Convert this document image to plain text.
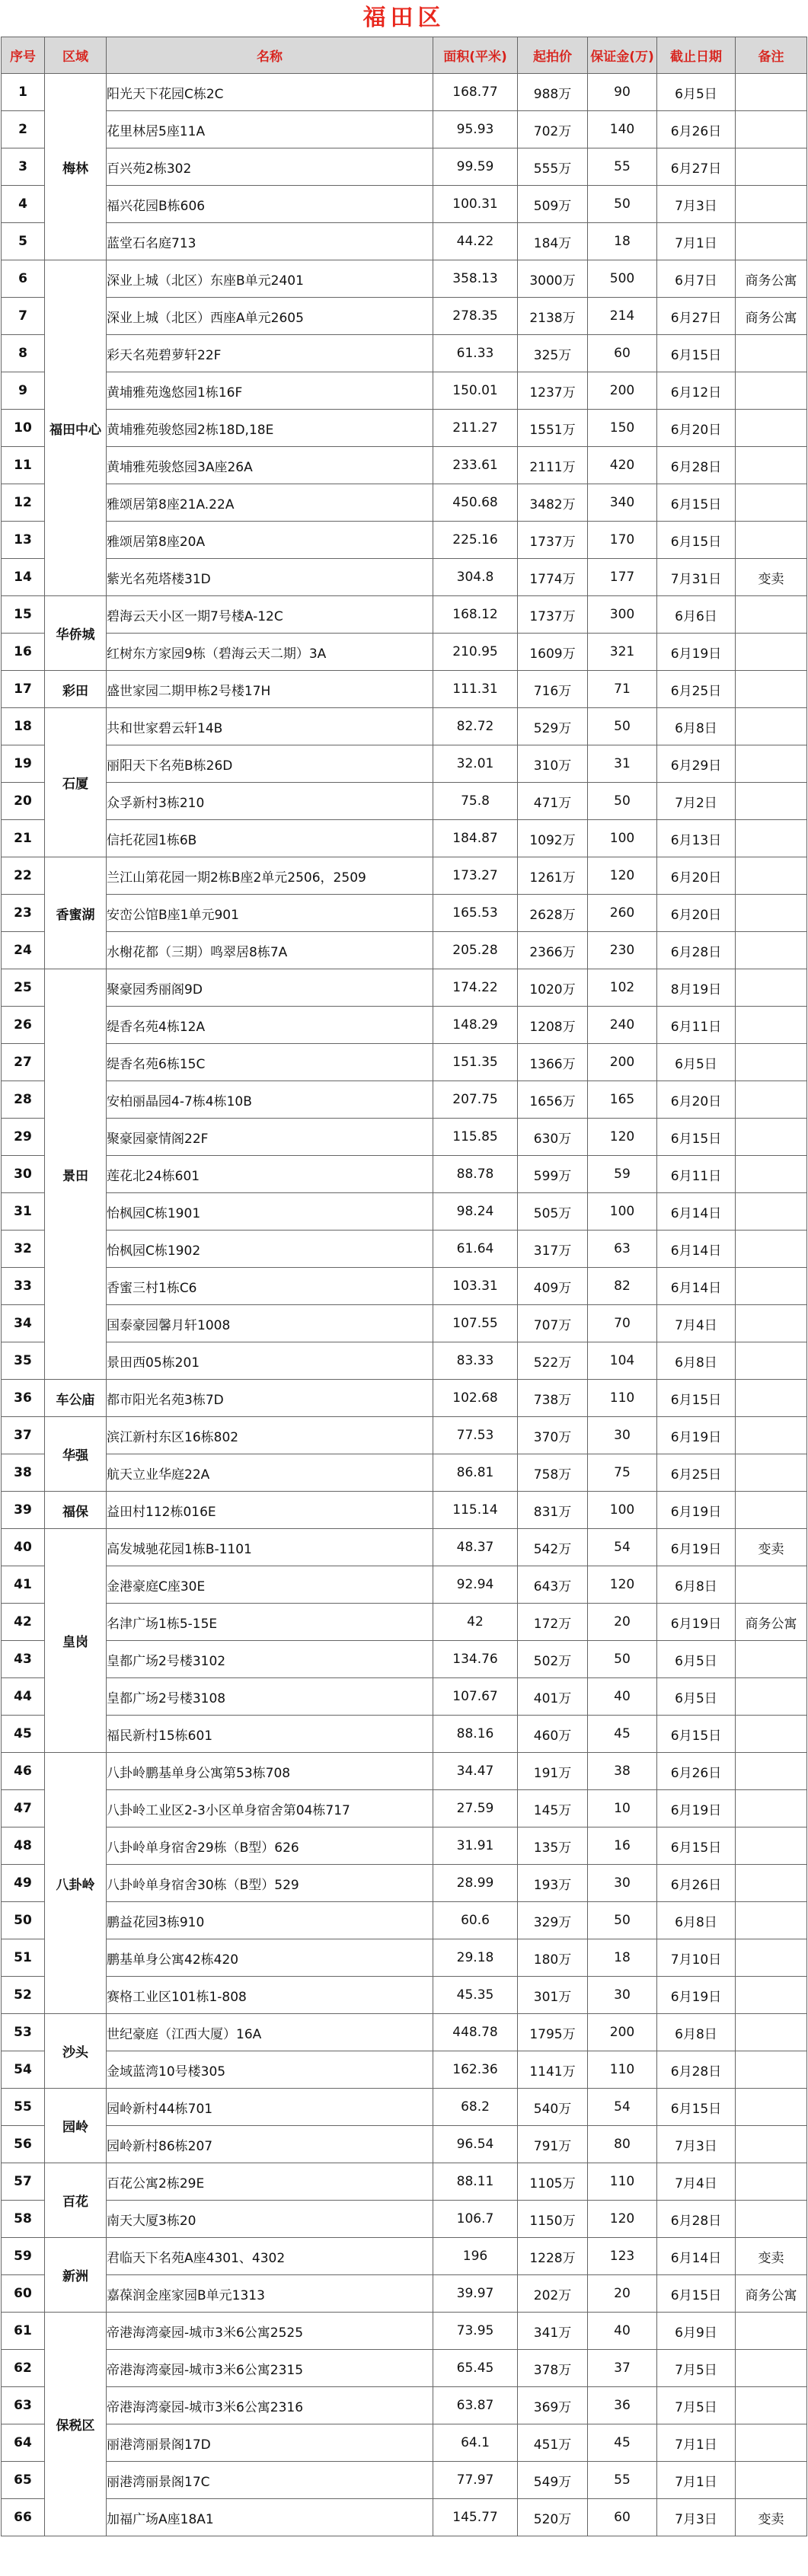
福田区
序号	区域	名称	面积(平米)	起拍价	保证金(万)	截止日期	备注
1	梅林	阳光天下花园C栋2C	168.77	988万	90	6月5日	
2		花里林居5座11A	95.93	702万	140	6月26日	
3		百兴苑2栋302	99.59	555万	55	6月27日	
4		福兴花园B栋606	100.31	509万	50	7月3日	
5		蓝堂石名庭713	44.22	184万	18	7月1日	
6	福田中心	深业上城（北区）东座B单元2401	358.13	3000万	500	6月7日	商务公寓
7		深业上城（北区）西座A单元2605	278.35	2138万	214	6月27日	商务公寓
8		彩天名苑碧萝轩22F	61.33	325万	60	6月15日	
9		黄埔雅苑逸悠园1栋16F	150.01	1237万	200	6月12日	
10		黄埔雅苑骏悠园2栋18D,18E	211.27	1551万	150	6月20日	
11		黄埔雅苑骏悠园3A座26A	233.61	2111万	420	6月28日	
12		雅颂居第8座21A.22A	450.68	3482万	340	6月15日	
13		雅颂居第8座20A	225.16	1737万	170	6月15日	
14		紫光名苑塔楼31D	304.8	1774万	177	7月31日	变卖
15	华侨城	碧海云天小区一期7号楼A-12C	168.12	1737万	300	6月6日	
16		红树东方家园9栋（碧海云天二期）3A	210.95	1609万	321	6月19日	
17	彩田	盛世家园二期甲栋2号楼17H	111.31	716万	71	6月25日	
18	石厦	共和世家碧云轩14B	82.72	529万	50	6月8日	
19		丽阳天下名苑B栋26D	32.01	310万	31	6月29日	
20		众孚新村3栋210	75.8	471万	50	7月2日	
21		信托花园1栋6B	184.87	1092万	100	6月13日	
22	香蜜湖	兰江山第花园一期2栋B座2单元2506，2509	173.27	1261万	120	6月20日	
23		安峦公馆B座1单元901	165.53	2628万	260	6月20日	
24		水榭花都（三期）鸣翠居8栋7A	205.28	2366万	230	6月28日	
25	景田	聚豪园秀丽阁9D	174.22	1020万	102	8月19日	
26		缇香名苑4栋12A	148.29	1208万	240	6月11日	
27		缇香名苑6栋15C	151.35	1366万	200	6月5日	
28		安柏丽晶园4-7栋4栋10B	207.75	1656万	165	6月20日	
29		聚豪园豪情阁22F	115.85	630万	120	6月15日	
30		莲花北24栋601	88.78	599万	59	6月11日	
31		怡枫园C栋1901	98.24	505万	100	6月14日	
32		怡枫园C栋1902	61.64	317万	63	6月14日	
33		香蜜三村1栋C6	103.31	409万	82	6月14日	
34		国泰豪园馨月轩1008	107.55	707万	70	7月4日	
35		景田西05栋201	83.33	522万	104	6月8日	
36	车公庙	都市阳光名苑3栋7D	102.68	738万	110	6月15日	
37	华强	滨江新村东区16栋802	77.53	370万	30	6月19日	
38		航天立业华庭22A	86.81	758万	75	6月25日	
39	福保	益田村112栋016E	115.14	831万	100	6月19日	
40	皇岗	高发城驰花园1栋B-1101	48.37	542万	54	6月19日	变卖
41		金港豪庭C座30E	92.94	643万	120	6月8日	
42		名津广场1栋5-15E	42	172万	20	6月19日	商务公寓
43		皇都广场2号楼3102	134.76	502万	50	6月5日	
44		皇都广场2号楼3108	107.67	401万	40	6月5日	
45		福民新村15栋601	88.16	460万	45	6月15日	
46	八卦岭	八卦岭鹏基单身公寓第53栋708	34.47	191万	38	6月26日	
47		八卦岭工业区2-3小区单身宿舍第04栋717	27.59	145万	10	6月19日	
48		八卦岭单身宿舍29栋（B型）626	31.91	135万	16	6月15日	
49		八卦岭单身宿舍30栋（B型）529	28.99	193万	30	6月26日	
50		鹏益花园3栋910	60.6	329万	50	6月8日	
51		鹏基单身公寓42栋420	29.18	180万	18	7月10日	
52		赛格工业区101栋1-808	45.35	301万	30	6月19日	
53	沙头	世纪豪庭（江西大厦）16A	448.78	1795万	200	6月8日	
54		金域蓝湾10号楼305	162.36	1141万	110	6月28日	
55	园岭	园岭新村44栋701	68.2	540万	54	6月15日	
56		园岭新村86栋207	96.54	791万	80	7月3日	
57	百花	百花公寓2栋29E	88.11	1105万	110	7月4日	
58		南天大厦3栋20	106.7	1150万	120	6月28日	
59	新洲	君临天下名苑A座4301、4302	196	1228万	123	6月14日	变卖
60		嘉葆润金座家园B单元1313	39.97	202万	20	6月15日	商务公寓
61	保税区	帝港海湾豪园-城市3米6公寓2525	73.95	341万	40	6月9日	
62		帝港海湾豪园-城市3米6公寓2315	65.45	378万	37	7月5日	
63		帝港海湾豪园-城市3米6公寓2316	63.87	369万	36	7月5日	
64		丽港湾丽景阁17D	64.1	451万	45	7月1日	
65		丽港湾丽景阁17C	77.97	549万	55	7月1日	
66		加福广场A座18A1	145.77	520万	60	7月3日	变卖
